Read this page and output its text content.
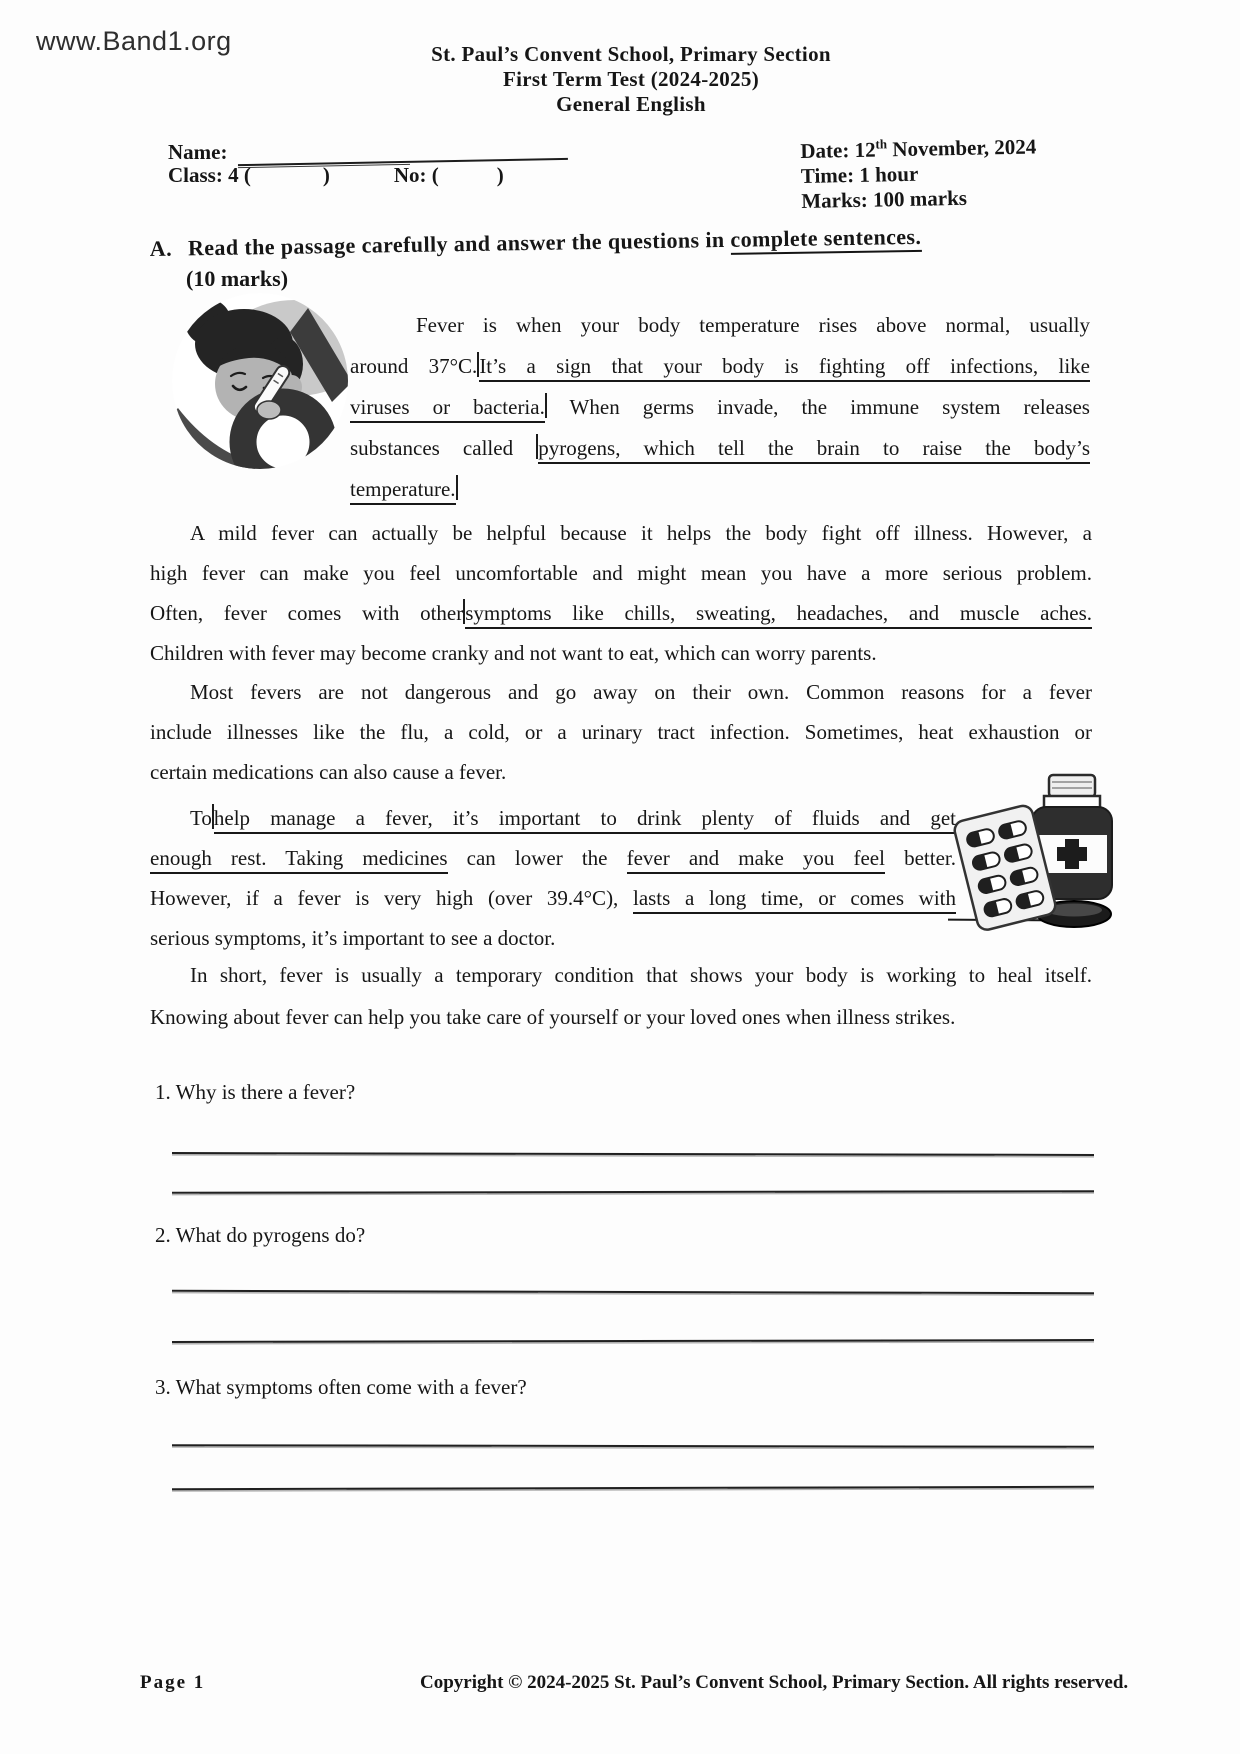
www.Band1.org	St. Paul’s Convent School, Primary Section
First Term Test (2024-2025)
General English
Name:
Class: 4 (	)	No: (	)
Date: 12th November, 2024
Time: 1 hour
Marks: 100 marks
A. Read the passage carefully and answer the questions in complete sentences.
(10 marks)
Fever is when your body temperature rises above normal, usually
around 37°C.It’s a sign that your body is fighting off infections, like
viruses or bacteria. When germs invade, the immune system releases
substances called pyrogens, which tell the brain to raise the body’s
temperature.
A mild fever can actually be helpful because it helps the body fight off illness. However, a
high fever can make you feel uncomfortable and might mean you have a more serious problem.
Often, fever comes with othersymptoms like chills, sweating, headaches, and muscle aches.
Children with fever may become cranky and not want to eat, which can worry parents.
Most fevers are not dangerous and go away on their own. Common reasons for a fever
include illnesses like the flu, a cold, or a urinary tract infection. Sometimes, heat exhaustion or
certain medications can also cause a fever.
Tohelp manage a fever, it’s important to drink plenty of fluids and get
enough rest. Taking medicines can lower the fever and make you feel better.
However, if a fever is very high (over 39.4°C), lasts a long time, or comes with
serious symptoms, it’s important to see a doctor.
In short, fever is usually a temporary condition that shows your body is working to heal itself.
Knowing about fever can help you take care of yourself or your loved ones when illness strikes.
1. Why is there a fever?
2. What do pyrogens do?
3. What symptoms often come with a fever?
Page 1	Copyright © 2024-2025 St. Paul’s Convent School, Primary Section. All rights reserved.
